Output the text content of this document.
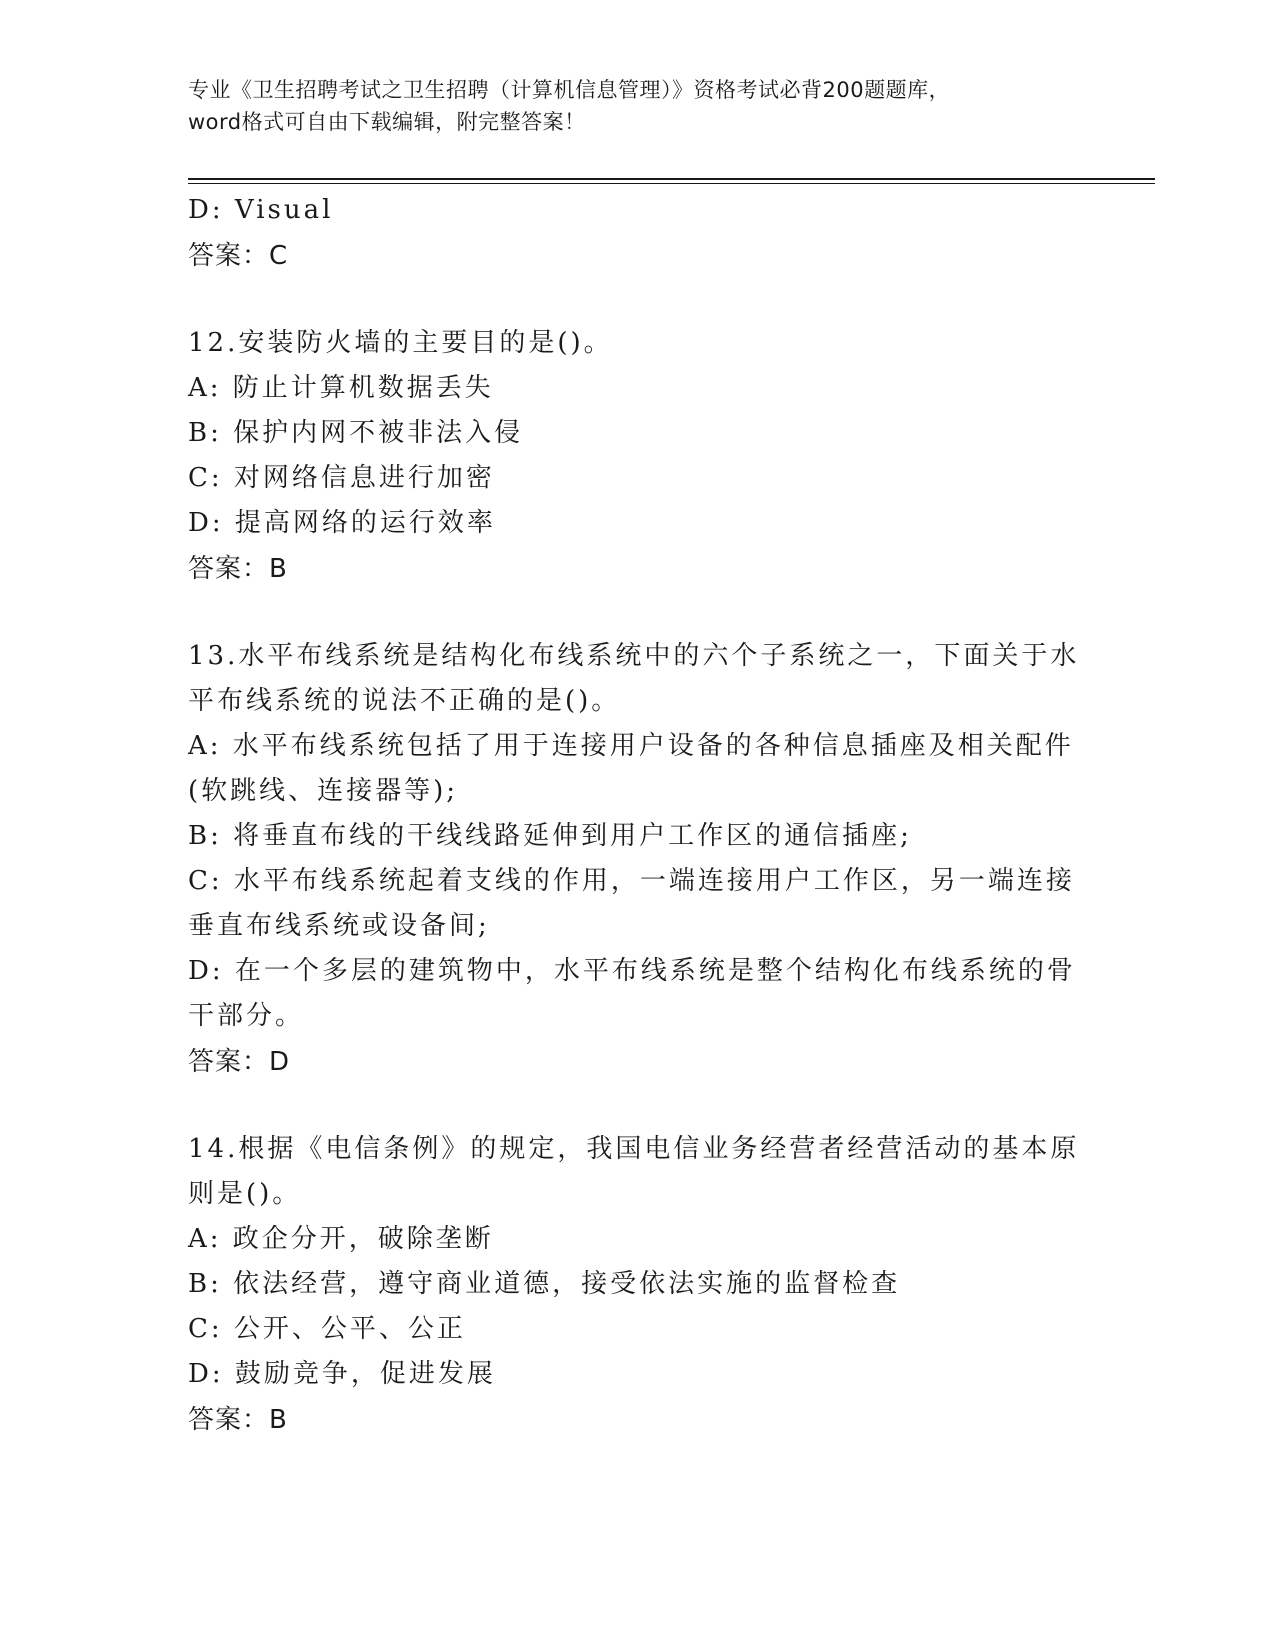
专业《卫生招聘考试之卫生招聘（计算机信息管理）》资格考试必背200题题库，
word格式可自由下载编辑，附完整答案！
D: Visual
答案：C
12.安装防火墙的主要目的是()。
A: 防止计算机数据丢失
B: 保护内网不被非法入侵
C: 对网络信息进行加密
D: 提高网络的运行效率
答案：B
13.水平布线系统是结构化布线系统中的六个子系统之一，下面关于水
平布线系统的说法不正确的是()。
A: 水平布线系统包括了用于连接用户设备的各种信息插座及相关配件
(软跳线、连接器等);
B: 将垂直布线的干线线路延伸到用户工作区的通信插座;
C: 水平布线系统起着支线的作用，一端连接用户工作区，另一端连接
垂直布线系统或设备间;
D: 在一个多层的建筑物中，水平布线系统是整个结构化布线系统的骨
干部分。
答案：D
14.根据《电信条例》的规定，我国电信业务经营者经营活动的基本原
则是()。
A: 政企分开，破除垄断
B: 依法经营，遵守商业道德，接受依法实施的监督检查
C: 公开、公平、公正
D: 鼓励竞争，促进发展
答案：B
